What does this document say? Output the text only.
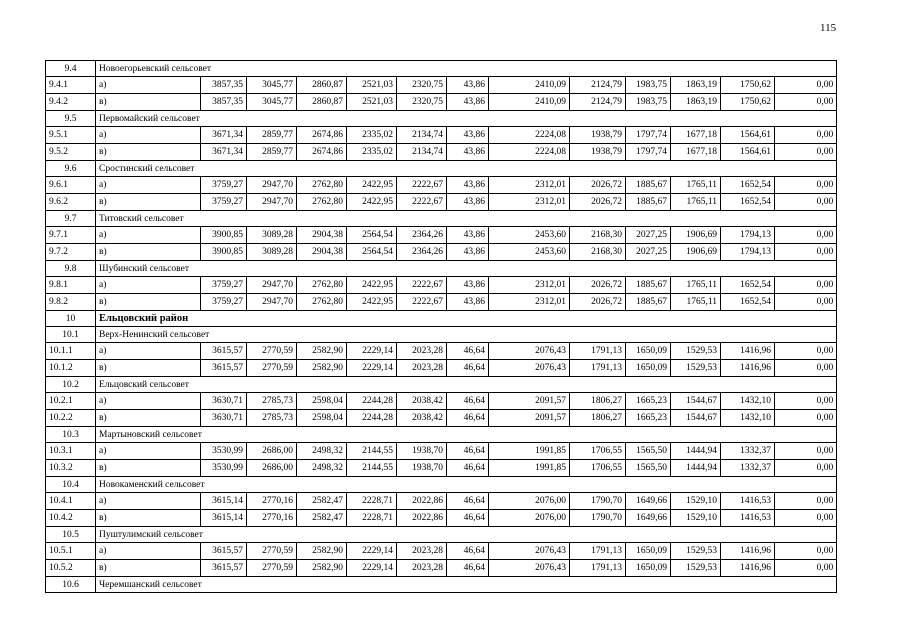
115
9.4	Новоегорьевский сельсовет												
9.4.1	а)	3857,35	3045,77	2860,87	2521,03	2320,75	43,86	2410,09	2124,79	1983,75	1863,19	1750,62	0,00
9.4.2	в)	3857,35	3045,77	2860,87	2521,03	2320,75	43,86	2410,09	2124,79	1983,75	1863,19	1750,62	0,00
9.5	Первомайский сельсовет												
9.5.1	а)	3671,34	2859,77	2674,86	2335,02	2134,74	43,86	2224,08	1938,79	1797,74	1677,18	1564,61	0,00
9.5.2	в)	3671,34	2859,77	2674,86	2335,02	2134,74	43,86	2224,08	1938,79	1797,74	1677,18	1564,61	0,00
9.6	Сростинский сельсовет												
9.6.1	а)	3759,27	2947,70	2762,80	2422,95	2222,67	43,86	2312,01	2026,72	1885,67	1765,11	1652,54	0,00
9.6.2	в)	3759,27	2947,70	2762,80	2422,95	2222,67	43,86	2312,01	2026,72	1885,67	1765,11	1652,54	0,00
9.7	Титовский сельсовет												
9.7.1	а)	3900,85	3089,28	2904,38	2564,54	2364,26	43,86	2453,60	2168,30	2027,25	1906,69	1794,13	0,00
9.7.2	в)	3900,85	3089,28	2904,38	2564,54	2364,26	43,86	2453,60	2168,30	2027,25	1906,69	1794,13	0,00
9.8	Шубинский сельсовет												
9.8.1	а)	3759,27	2947,70	2762,80	2422,95	2222,67	43,86	2312,01	2026,72	1885,67	1765,11	1652,54	0,00
9.8.2	в)	3759,27	2947,70	2762,80	2422,95	2222,67	43,86	2312,01	2026,72	1885,67	1765,11	1652,54	0,00
10	Ельцовский район												
10.1	Верх-Ненинский сельсовет												
10.1.1	а)	3615,57	2770,59	2582,90	2229,14	2023,28	46,64	2076,43	1791,13	1650,09	1529,53	1416,96	0,00
10.1.2	в)	3615,57	2770,59	2582,90	2229,14	2023,28	46,64	2076,43	1791,13	1650,09	1529,53	1416,96	0,00
10.2	Ельцовский сельсовет												
10.2.1	а)	3630,71	2785,73	2598,04	2244,28	2038,42	46,64	2091,57	1806,27	1665,23	1544,67	1432,10	0,00
10.2.2	в)	3630,71	2785,73	2598,04	2244,28	2038,42	46,64	2091,57	1806,27	1665,23	1544,67	1432,10	0,00
10.3	Мартыновский сельсовет												
10.3.1	а)	3530,99	2686,00	2498,32	2144,55	1938,70	46,64	1991,85	1706,55	1565,50	1444,94	1332,37	0,00
10.3.2	в)	3530,99	2686,00	2498,32	2144,55	1938,70	46,64	1991,85	1706,55	1565,50	1444,94	1332,37	0,00
10.4	Новокаменский сельсовет												
10.4.1	а)	3615,14	2770,16	2582,47	2228,71	2022,86	46,64	2076,00	1790,70	1649,66	1529,10	1416,53	0,00
10.4.2	в)	3615,14	2770,16	2582,47	2228,71	2022,86	46,64	2076,00	1790,70	1649,66	1529,10	1416,53	0,00
10.5	Пуштулимский сельсовет												
10.5.1	а)	3615,57	2770,59	2582,90	2229,14	2023,28	46,64	2076,43	1791,13	1650,09	1529,53	1416,96	0,00
10.5.2	в)	3615,57	2770,59	2582,90	2229,14	2023,28	46,64	2076,43	1791,13	1650,09	1529,53	1416,96	0,00
10.6	Черемшанский сельсовет												
